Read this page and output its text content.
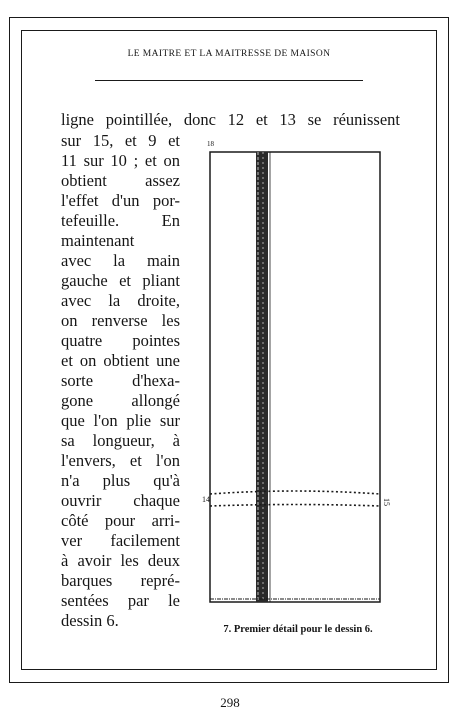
LE MAITRE ET LA MAITRESSE DE MAISON
ligne pointillée, donc 12 et 13 se réunissent
sur 15, et 9 et
11 sur 10 ; et on
obtient assez
l'effet d'un por-
tefeuille. En
maintenant
avec la main
gauche et pliant
avec la droite,
on renverse les
quatre pointes
et on obtient une
sorte d'hexa-
gone allongé
que l'on plie sur
sa longueur, à
l'envers, et l'on
n'a plus qu'à
ouvrir chaque
côté pour arri-
ver facilement
à avoir les deux
barques repré-
sentées par le
dessin 6.
14	15
18
7. Premier détail pour le dessin 6.
298
